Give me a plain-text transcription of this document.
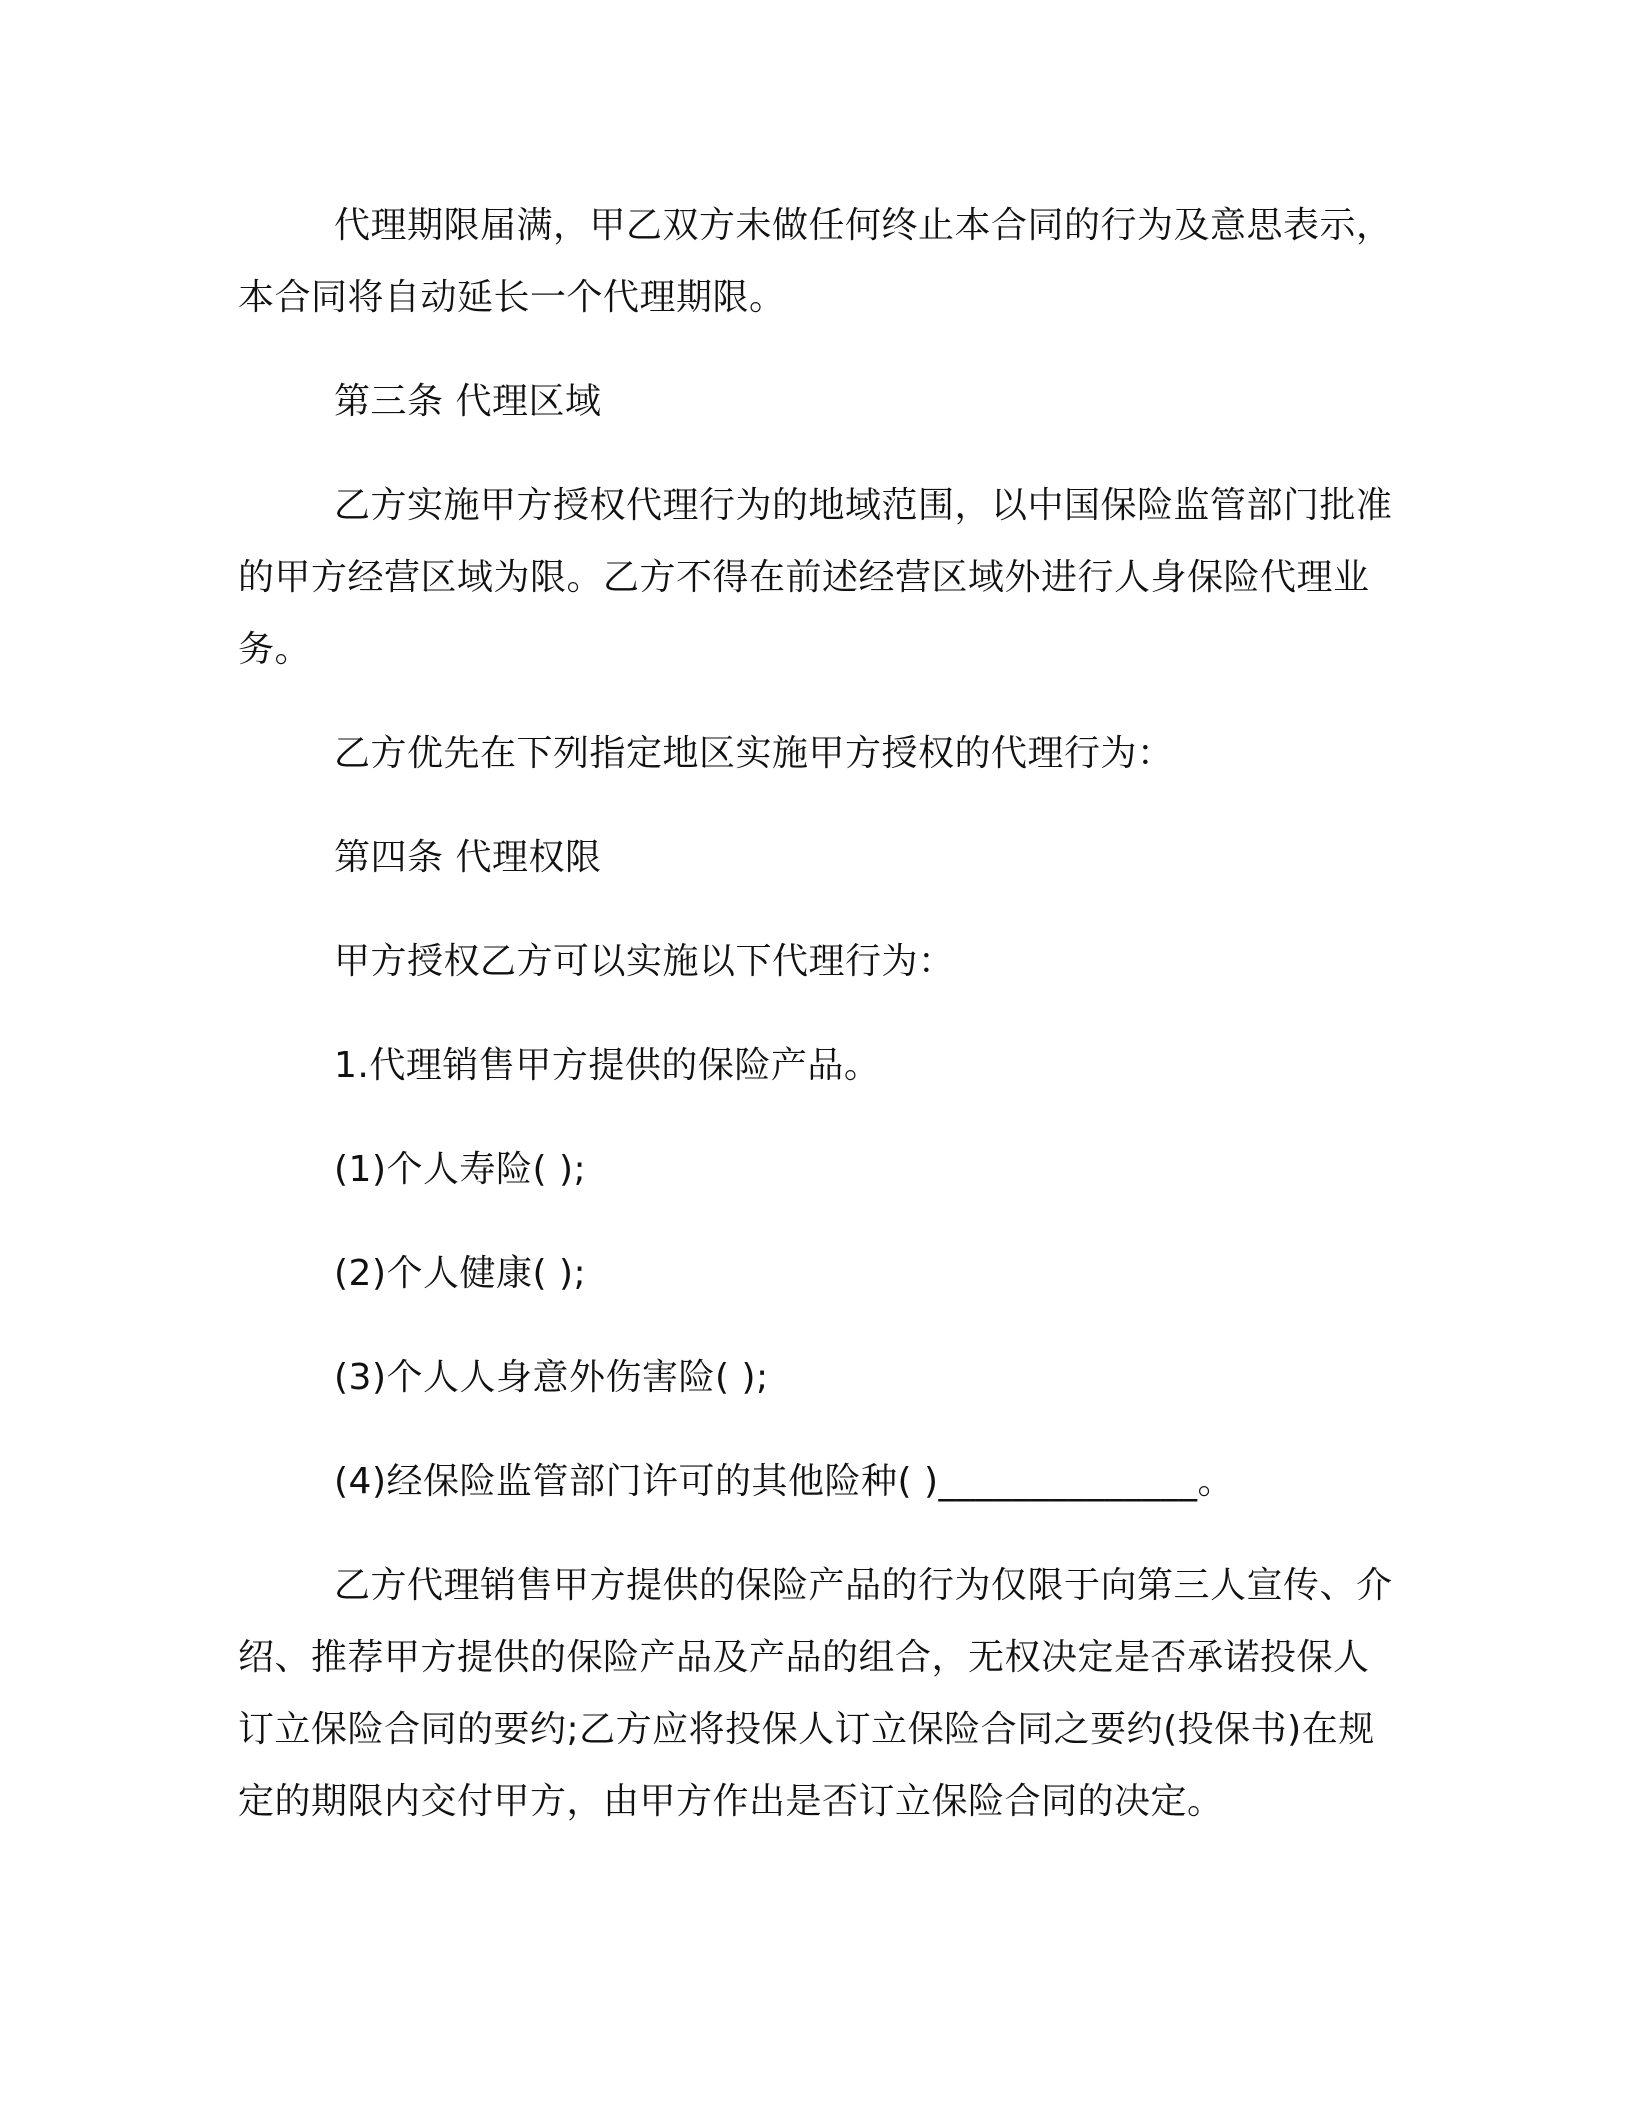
代理期限届满，甲乙双方未做任何终止本合同的行为及意思表示，本合同将自动延长一个代理期限。

第三条 代理区域

乙方实施甲方授权代理行为的地域范围，以中国保险监管部门批准的甲方经营区域为限。乙方不得在前述经营区域外进行人身保险代理业务。

乙方优先在下列指定地区实施甲方授权的代理行为：

第四条 代理权限

甲方授权乙方可以实施以下代理行为：

1.代理销售甲方提供的保险产品。

(1)个人寿险( );

(2)个人健康( );

(3)个人人身意外伤害险( );

(4)经保险监管部门许可的其他险种( )______________。

乙方代理销售甲方提供的保险产品的行为仅限于向第三人宣传、介绍、推荐甲方提供的保险产品及产品的组合，无权决定是否承诺投保人订立保险合同的要约;乙方应将投保人订立保险合同之要约(投保书)在规定的期限内交付甲方，由甲方作出是否订立保险合同的决定。
